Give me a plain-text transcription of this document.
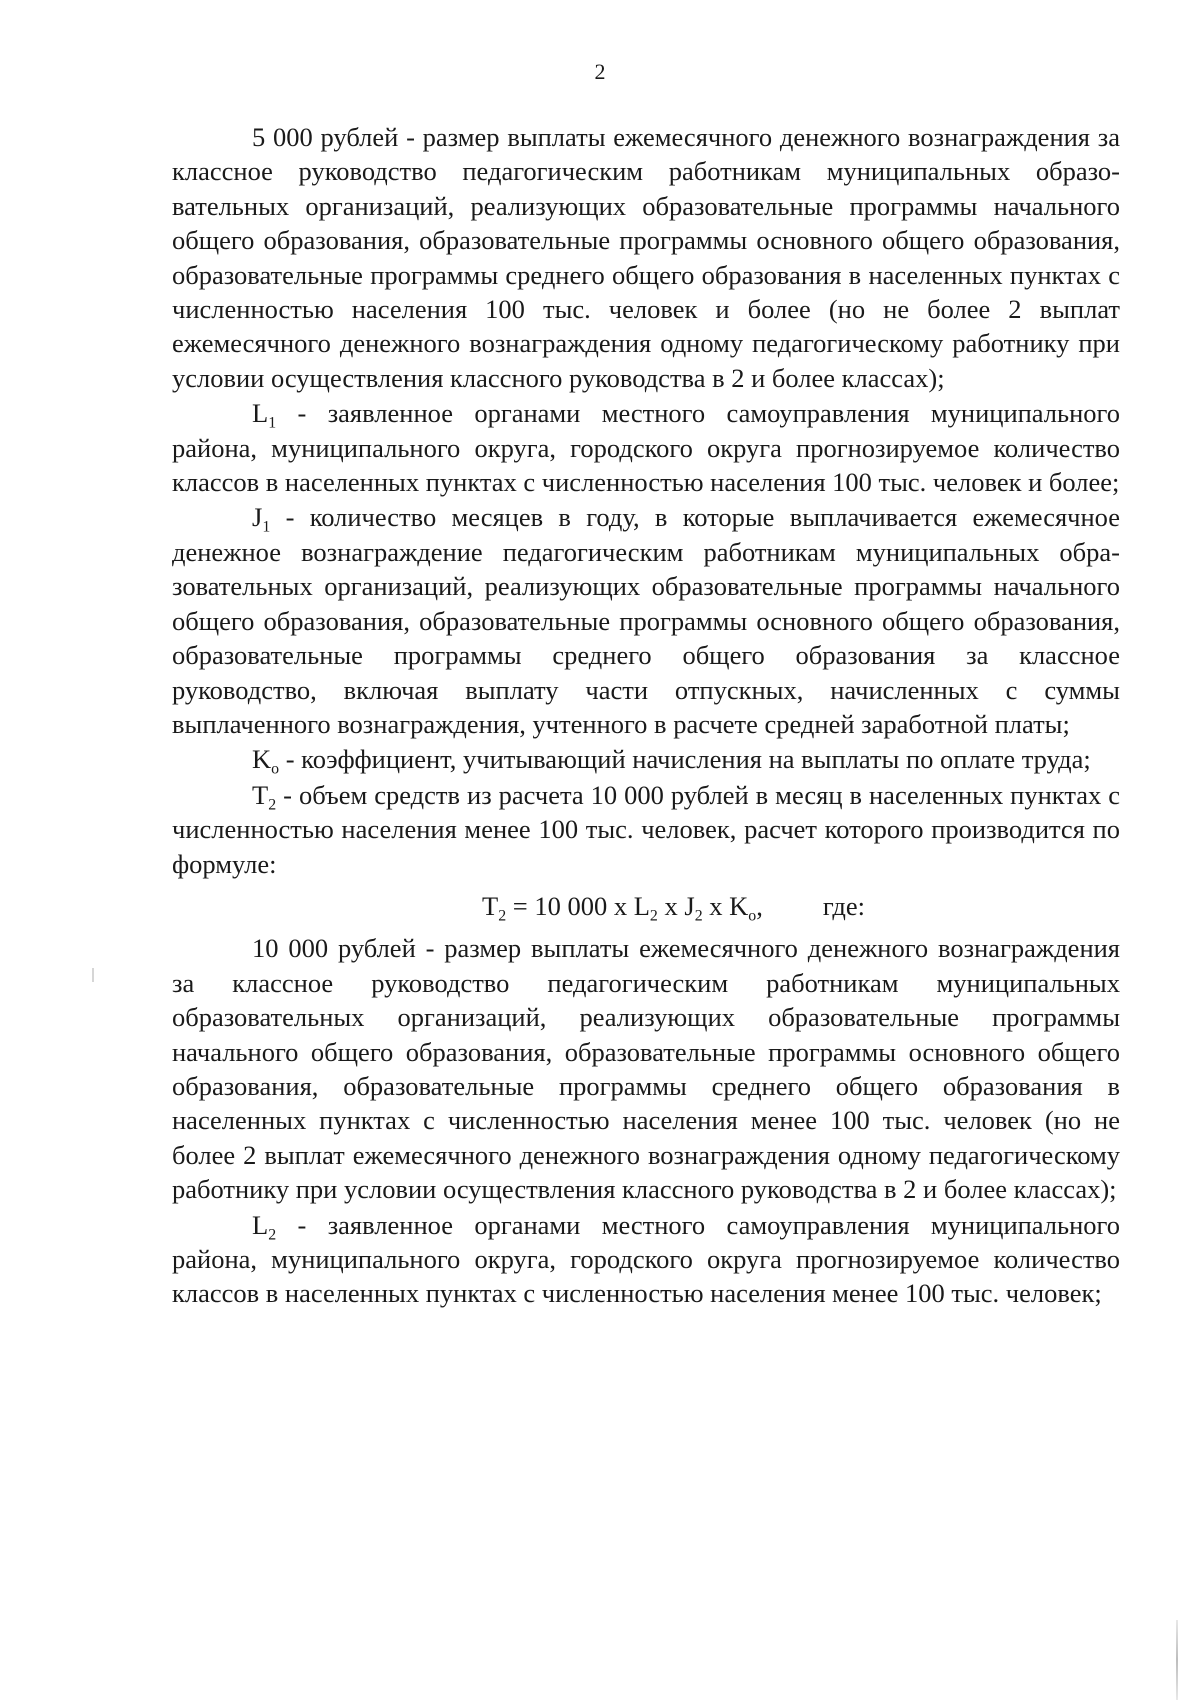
2

5 000 рублей - размер выплаты ежемесячного денежного вознаграждения за классное руководство педагогическим работникам муниципальных образовательных организаций, реализующих образовательные программы начального общего образования, образовательные программы основного общего образования, образовательные программы среднего общего образования в населенных пунктах с численностью населения 100 тыс. человек и более (но не более 2 выплат ежемесячного денежного вознаграждения одному педагогическому работнику при условии осуществления классного руководства в 2 и более классах);

$L_1$ - заявленное органами местного самоуправления муниципального района, муниципального округа, городского округа прогнозируемое количество классов в населенных пунктах с численностью населения 100 тыс. человек и более;

$J_1$ - количество месяцев в году, в которые выплачивается ежемесячное денежное вознаграждение педагогическим работникам муниципальных образовательных организаций, реализующих образовательные программы начального общего образования, образовательные программы основного общего образования, образовательные программы среднего общего образования за классное руководство, включая выплату части отпускных, начисленных с суммы выплаченного вознаграждения, учтенного в расчете средней заработной платы;

$K_o$ - коэффициент, учитывающий начисления на выплаты по оплате труда;

$T_2$ - объем средств из расчета 10 000 рублей в месяц в населенных пунктах с численностью населения менее 100 тыс. человек, расчет которого производится по формуле:

$T_2 = 10$ 000 x $L_2$ x $J_2$ x $K_o$, где:

10 000 рублей - размер выплаты ежемесячного денежного вознаграждения за классное руководство педагогическим работникам муниципальных образовательных организаций, реализующих образовательные программы начального общего образования, образовательные программы основного общего образования, образовательные программы среднего общего образования в населенных пунктах с численностью населения менее 100 тыс. человек (но не более 2 выплат ежемесячного денежного вознаграждения одному педагогическому работнику при условии осуществления классного руководства в 2 и более классах);

$L_2$ - заявленное органами местного самоуправления муниципального района, муниципального округа, городского округа прогнозируемое количество классов в населенных пунктах с численностью населения менее 100 тыс. человек;
